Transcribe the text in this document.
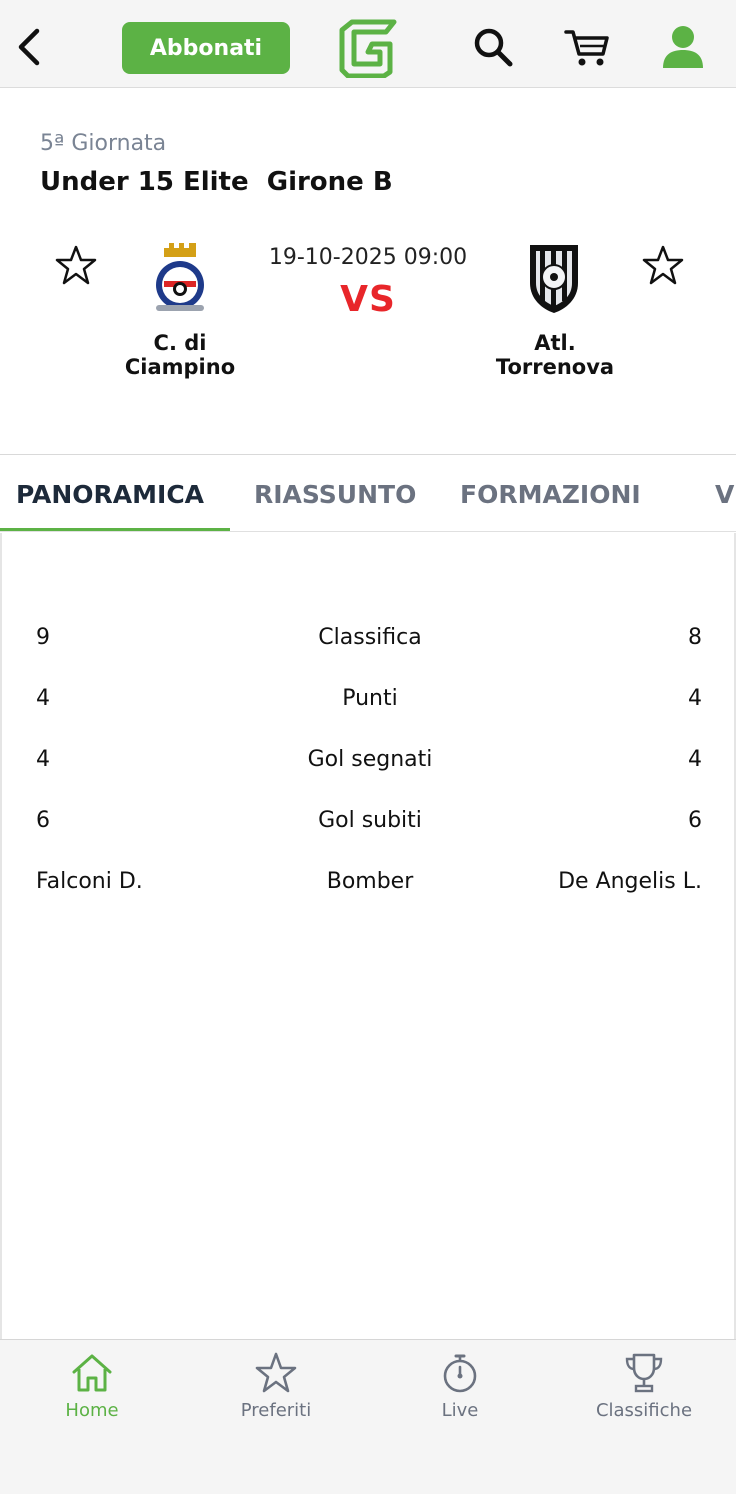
Abbonati
5ª Giornata
Under 15 Elite  Girone B
19-10-2025 09:00
VS
C. di
Ciampino
Atl.
Torrenova
PANORAMICA RIASSUNTO FORMAZIONI	V
9	Classifica	8
4	Punti	4
4	Gol segnati	4
6	Gol subiti	6
Falconi D.	Bomber	De Angelis L.
Home	Preferiti	Live	Classifiche
